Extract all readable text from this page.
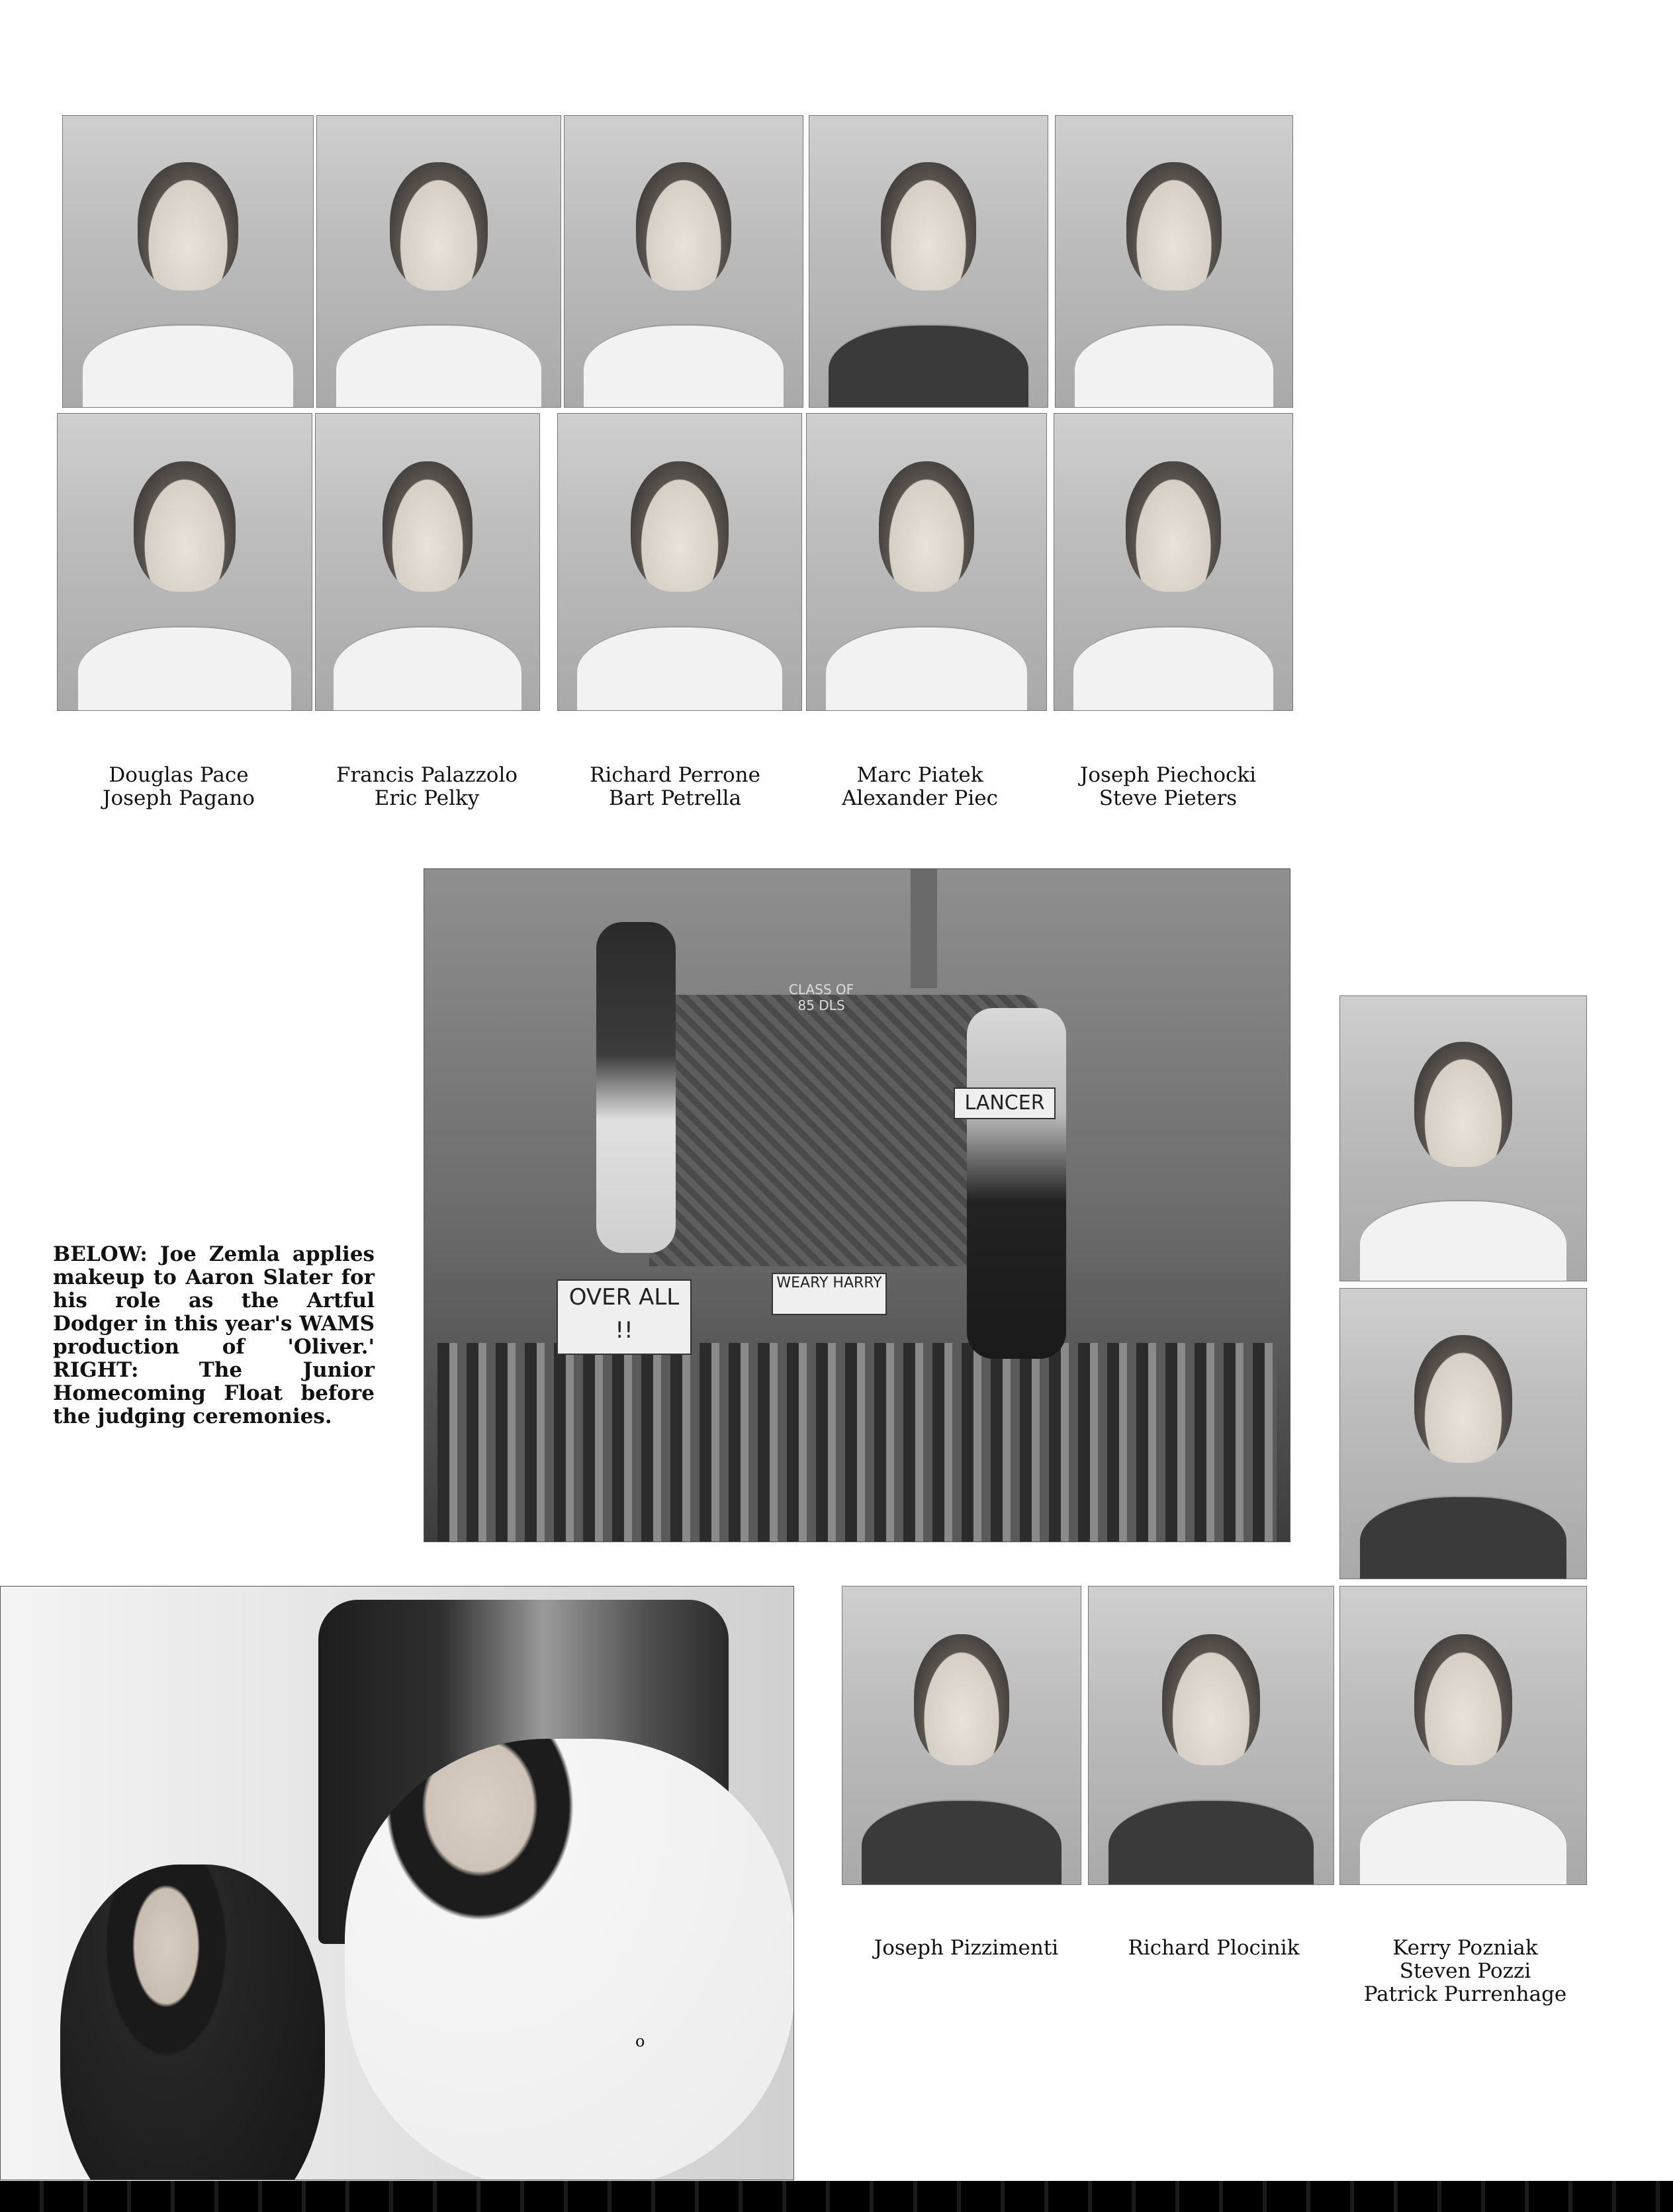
Douglas Pace
Joseph Pagano
Francis Palazzolo
Eric Pelky
Richard Perrone
Bart Petrella
Marc Piatek
Alexander Piec
Joseph Piechocki
Steve Pieters
CLASS OF 85 DLS
LANCER
OVER ALL !!
WEARY HARRY
BELOW: Joe Zemla applies makeup to Aaron Slater for his role as the Artful Dodger in this year's WAMS production of 'Oliver.' RIGHT: The Junior Homecoming Float before the judging ceremonies.
Joseph Pizzimenti	Richard Plocinik	Kerry Pozniak
Steven Pozzi
Patrick Purrenhage
o
